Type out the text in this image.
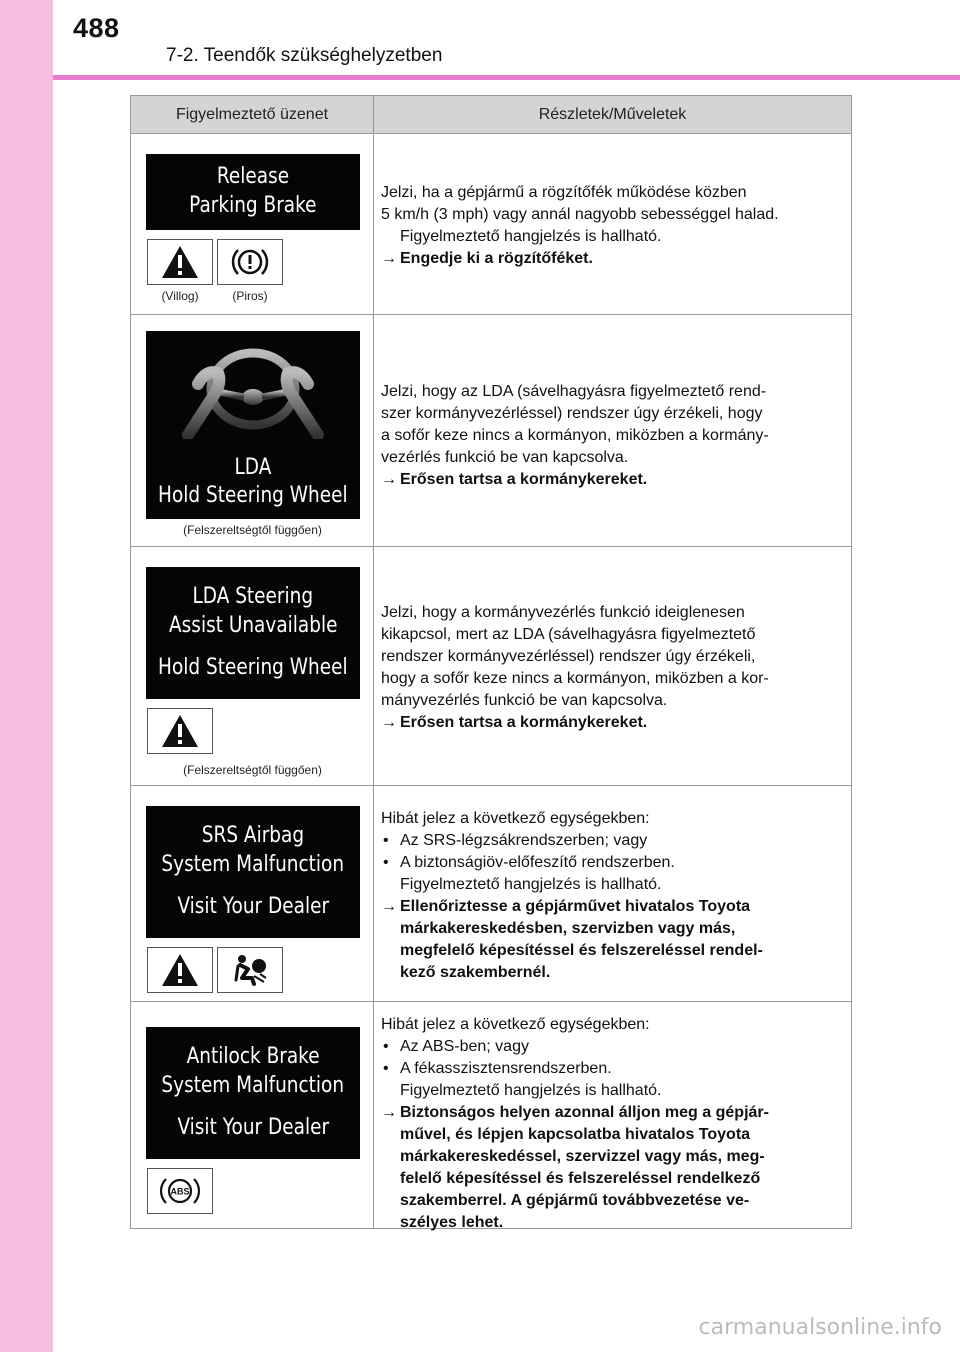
488
7-2. Teendők szükséghelyzetben
Figyelmeztető üzenet	Részletek/Műveletek
Release
Parking Brake
(Villog)	(Piros)

Jelzi, ha a gépjármű a rögzítőfék működése közben

5 km/h (3 mph) vagy annál nagyobb sebességgel halad.

Figyelmeztető hangjelzés is hallható.

→ Engedje ki a rögzítőféket.

LDA
Hold Steering Wheel
(Felszereltségtől függően)

Jelzi, hogy az LDA (sávelhagyásra figyelmeztető rend-

szer kormányvezérléssel) rendszer úgy érzékeli, hogy

a sofőr keze nincs a kormányon, miközben a kormány-

vezérlés funkció be van kapcsolva.

→ Erősen tartsa a kormánykereket.

LDA Steering
Assist Unavailable
Hold Steering Wheel
(Felszereltségtől függően)

Jelzi, hogy a kormányvezérlés funkció ideiglenesen

kikapcsol, mert az LDA (sávelhagyásra figyelmeztető

rendszer kormányvezérléssel) rendszer úgy érzékeli,

hogy a sofőr keze nincs a kormányon, miközben a kor-

mányvezérlés funkció be van kapcsolva.

→ Erősen tartsa a kormánykereket.

SRS Airbag
System Malfunction
Visit Your Dealer

Hibát jelez a következő egységekben:

• Az SRS-légzsákrendszerben; vagy

• A biztonságiöv-előfeszítő rendszerben.

Figyelmeztető hangjelzés is hallható.

→ Ellenőriztesse a gépjárművet hivatalos Toyota

márkakereskedésben, szervizben vagy más,

megfelelő képesítéssel és felszereléssel rendel-

kező szakembernél.

Antilock Brake
System Malfunction
Visit Your Dealer
ABS

Hibát jelez a következő egységekben:

• Az ABS-ben; vagy

• A fékasszisztensrendszerben.

Figyelmeztető hangjelzés is hallható.

→ Biztonságos helyen azonnal álljon meg a gépjár-

művel, és lépjen kapcsolatba hivatalos Toyota

márkakereskedéssel, szervizzel vagy más, meg-

felelő képesítéssel és felszereléssel rendelkező

szakemberrel. A gépjármű továbbvezetése ve-

szélyes lehet.

carmanualsonline.info
